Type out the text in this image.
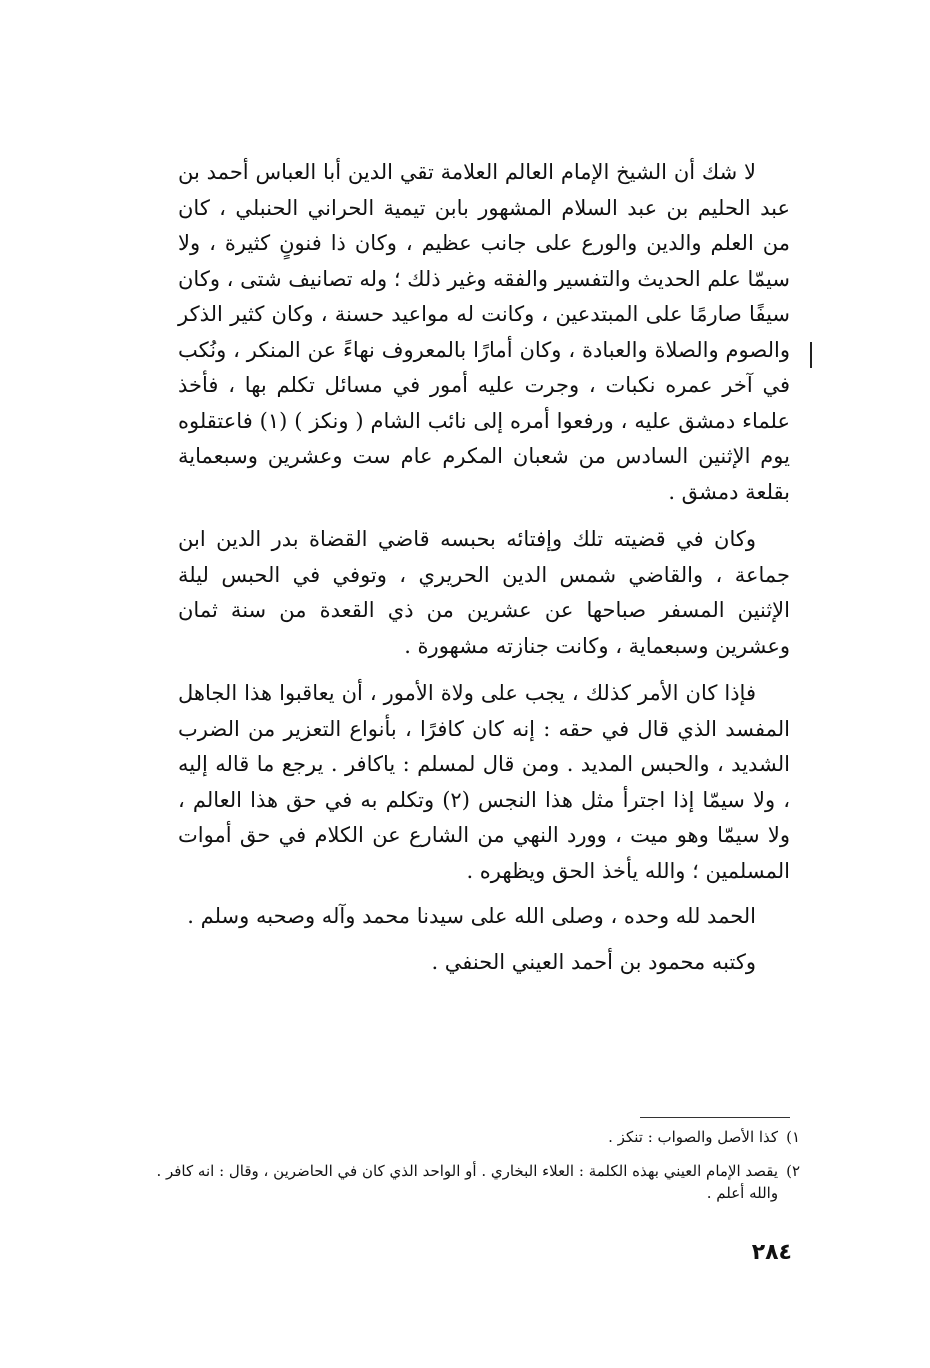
لا شك أن الشيخ الإمام العالم العلامة تقي الدين أبا العباس أحمد بن عبد الحليم بن عبد السلام المشهور بابن تيمية الحراني الحنبلي ، كان من العلم والدين والورع على جانب عظيم ، وكان ذا فنونٍ كثيرة ، ولا سيمّا علم الحديث والتفسير والفقه وغير ذلك ؛ وله تصانيف شتى ، وكان سيفًا صارمًا على المبتدعين ، وكانت له مواعيد حسنة ، وكان كثير الذكر والصوم والصلاة والعبادة ، وكان أمارًا بالمعروف نهاءً عن المنكر ، ونُكب في آخر عمره نكبات ، وجرت عليه أمور في مسائل تكلم بها ، فأخذ علماء دمشق عليه ، ورفعوا أمره إلى نائب الشام ( ونكز ) (١) فاعتقلوه يوم الإثنين السادس من شعبان المكرم عام ست وعشرين وسبعماية بقلعة دمشق .

وكان في قضيته تلك وإفتائه بحبسه قاضي القضاة بدر الدين ابن جماعة ، والقاضي شمس الدين الحريري ، وتوفي في الحبس ليلة الإثنين المسفر صباحها عن عشرين من ذي القعدة من سنة ثمان وعشرين وسبعماية ، وكانت جنازته مشهورة .

فإذا كان الأمر كذلك ، يجب على ولاة الأمور ، أن يعاقبوا هذا الجاهل المفسد الذي قال في حقه : إنه كان كافرًا ، بأنواع التعزير من الضرب الشديد ، والحبس المديد . ومن قال لمسلم : ياكافر . يرجع ما قاله إليه ، ولا سيمّا إذا اجترأ مثل هذا النجس (٢) وتكلم به في حق هذا العالم ، ولا سيمّا وهو ميت ، وورد النهي من الشارع عن الكلام في حق أموات المسلمين ؛ والله يأخذ الحق ويظهره .

الحمد لله وحده ، وصلى الله على سيدنا محمد وآله وصحبه وسلم .

وكتبه محمود بن أحمد العيني الحنفي .

١)
كذا الأصل والصواب : تنكز .
٢)
يقصد الإمام العيني بهذه الكلمة : العلاء البخاري . أو الواحد الذي كان في الحاضرين ، وقال : انه كافر . والله أعلم .
٢٨٤
